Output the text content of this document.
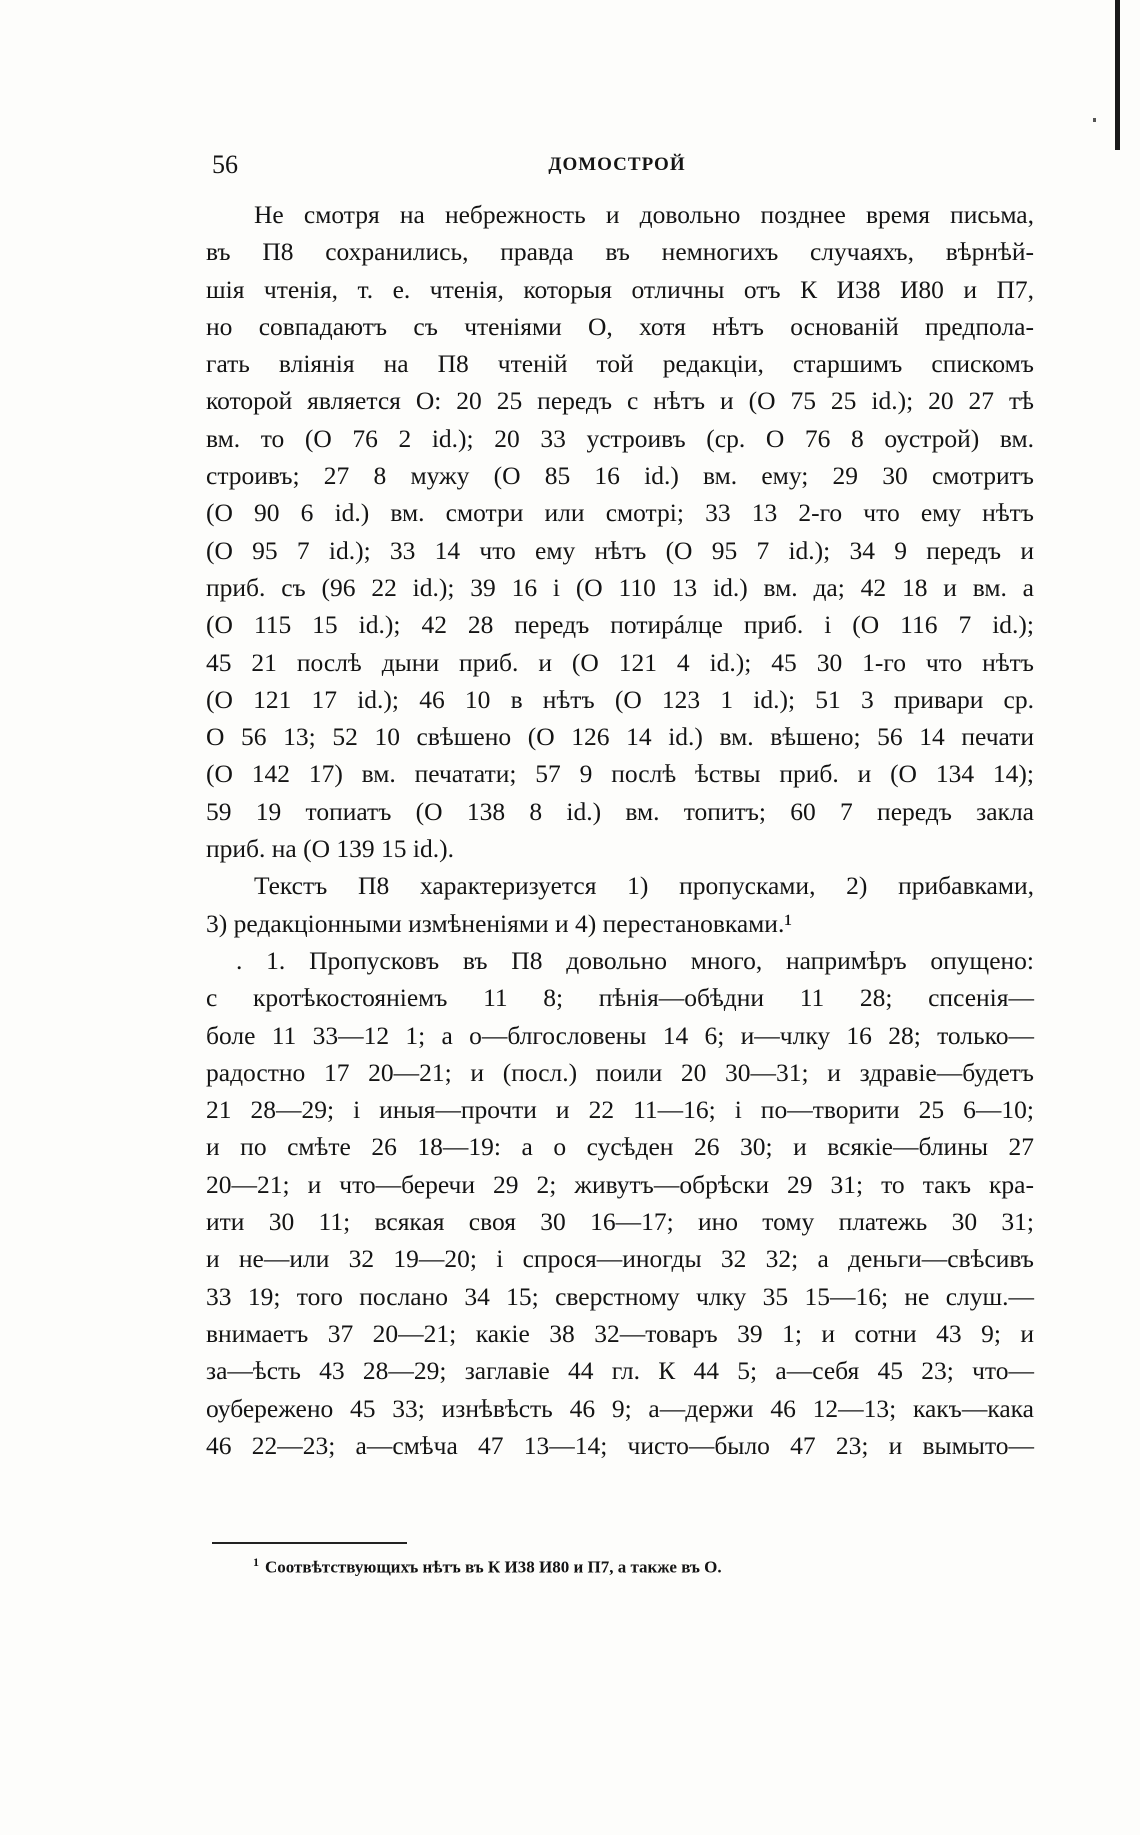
56	ДОМОСТРОЙ
Не смотря на небрежность и довольно позднее время письма,
въ П8 сохранились, правда въ немногихъ случаяхъ, вѣрнѣй-
шія чтенія, т. е. чтенія, которыя отличны отъ К И38 И80 и П7,
но совпадаютъ съ чтеніями О, хотя нѣтъ основаній предпола-
гать вліянія на П8 чтеній той редакціи, старшимъ спискомъ
которой является О: 20 25 передъ с нѣтъ и (О 75 25 id.); 20 27 тѣ
вм. то (О 76 2 id.); 20 33 устроивъ (ср. О 76 8 оустрой) вм.
строивъ; 27 8 мужу (О 85 16 id.) вм. ему; 29 30 смотритъ
(О 90 6 id.) вм. смотри или смотрі; 33 13 2-го что ему нѣтъ
(О 95 7 id.); 33 14 что ему нѣтъ (О 95 7 id.); 34 9 передъ и
приб. съ (96 22 id.); 39 16 і (О 110 13 id.) вм. да; 42 18 и вм. а
(О 115 15 id.); 42 28 передъ потирáлце приб. і (О 116 7 id.);
45 21 послѣ дыни приб. и (О 121 4 id.); 45 30 1-го что нѣтъ
(О 121 17 id.); 46 10 в нѣтъ (О 123 1 id.); 51 3 привари ср.
О 56 13; 52 10 свѣшено (О 126 14 id.) вм. вѣшено; 56 14 печати
(О 142 17) вм. печатати; 57 9 послѣ ѣствы приб. и (О 134 14);
59 19 топиатъ (О 138 8 id.) вм. топитъ; 60 7 передъ закла
приб. на (О 139 15 id.).
Текстъ П8 характеризуется 1) пропусками, 2) прибавками,
3) редакціонными измѣненіями и 4) перестановками.¹
. 1. Пропусковъ въ П8 довольно много, напримѣръ опущено:
с кротѣкостоянiемъ 11 8; пѣнiя—обѣдни 11 28; спсенiя—
боле 11 33—12 1; а о—блгословены 14 6; и—члку 16 28; только—
радостно 17 20—21; и (посл.) поили 20 30—31; и здравiе—будетъ
21 28—29; і иныя—прочти и 22 11—16; і по—творити 25 6—10;
и по смѣте 26 18—19: а о сусѣден 26 30; и всякiе—блины 27
20—21; и что—беречи 29 2; живутъ—обрѣски 29 31; то такъ кра-
ити 30 11; всякая своя 30 16—17; ино тому платежь 30 31;
и не—или 32 19—20; і спрося—иногды 32 32; а деньги—свѣсивъ
33 19; того послано 34 15; сверстному члку 35 15—16; не слуш.—
внимаетъ 37 20—21; какiе 38 32—товаръ 39 1; и сотни 43 9; и
за—ѣсть 43 28—29; заглавіе 44 гл. К 44 5; а—себя 45 23; что—
оубережено 45 33; изнѣвѣсть 46 9; а—держи 46 12—13; какъ—кака
46 22—23; а—смѣча 47 13—14; чисто—было 47 23; и вымыто—
$^1$ Соотвѣтствующихъ нѣтъ въ К И38 И80 и П7, а также въ О.
